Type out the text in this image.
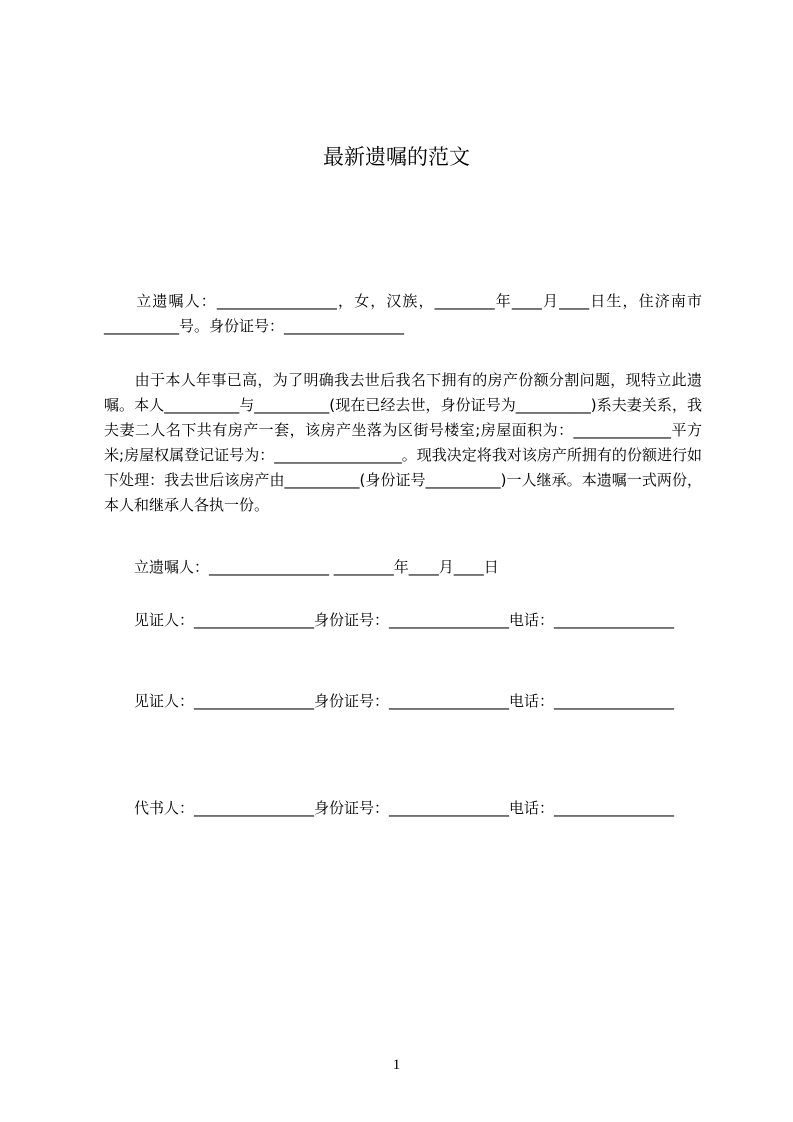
最新遗嘱的范文

　　立遗嘱人：________________，女，汉族，________年____月____日生，住济南市__________号。身份证号：________________

　　由于本人年事已高，为了明确我去世后我名下拥有的房产份额分割问题，现特立此遗嘱。本人__________与__________(现在已经去世，身份证号为__________)系夫妻关系，我夫妻二人名下共有房产一套，该房产坐落为区街号楼室;房屋面积为：_____________平方米;房屋权属登记证号为：_________________。现我决定将我对该房产所拥有的份额进行如下处理：我去世后该房产由__________(身份证号__________)一人继承。本遗嘱一式两份，本人和继承人各执一份。

　　立遗嘱人：________________ ________年____月____日

　　见证人：________________身份证号：________________电话：________________

　　见证人：________________身份证号：________________电话：________________

　　代书人：________________身份证号：________________电话：________________

1
